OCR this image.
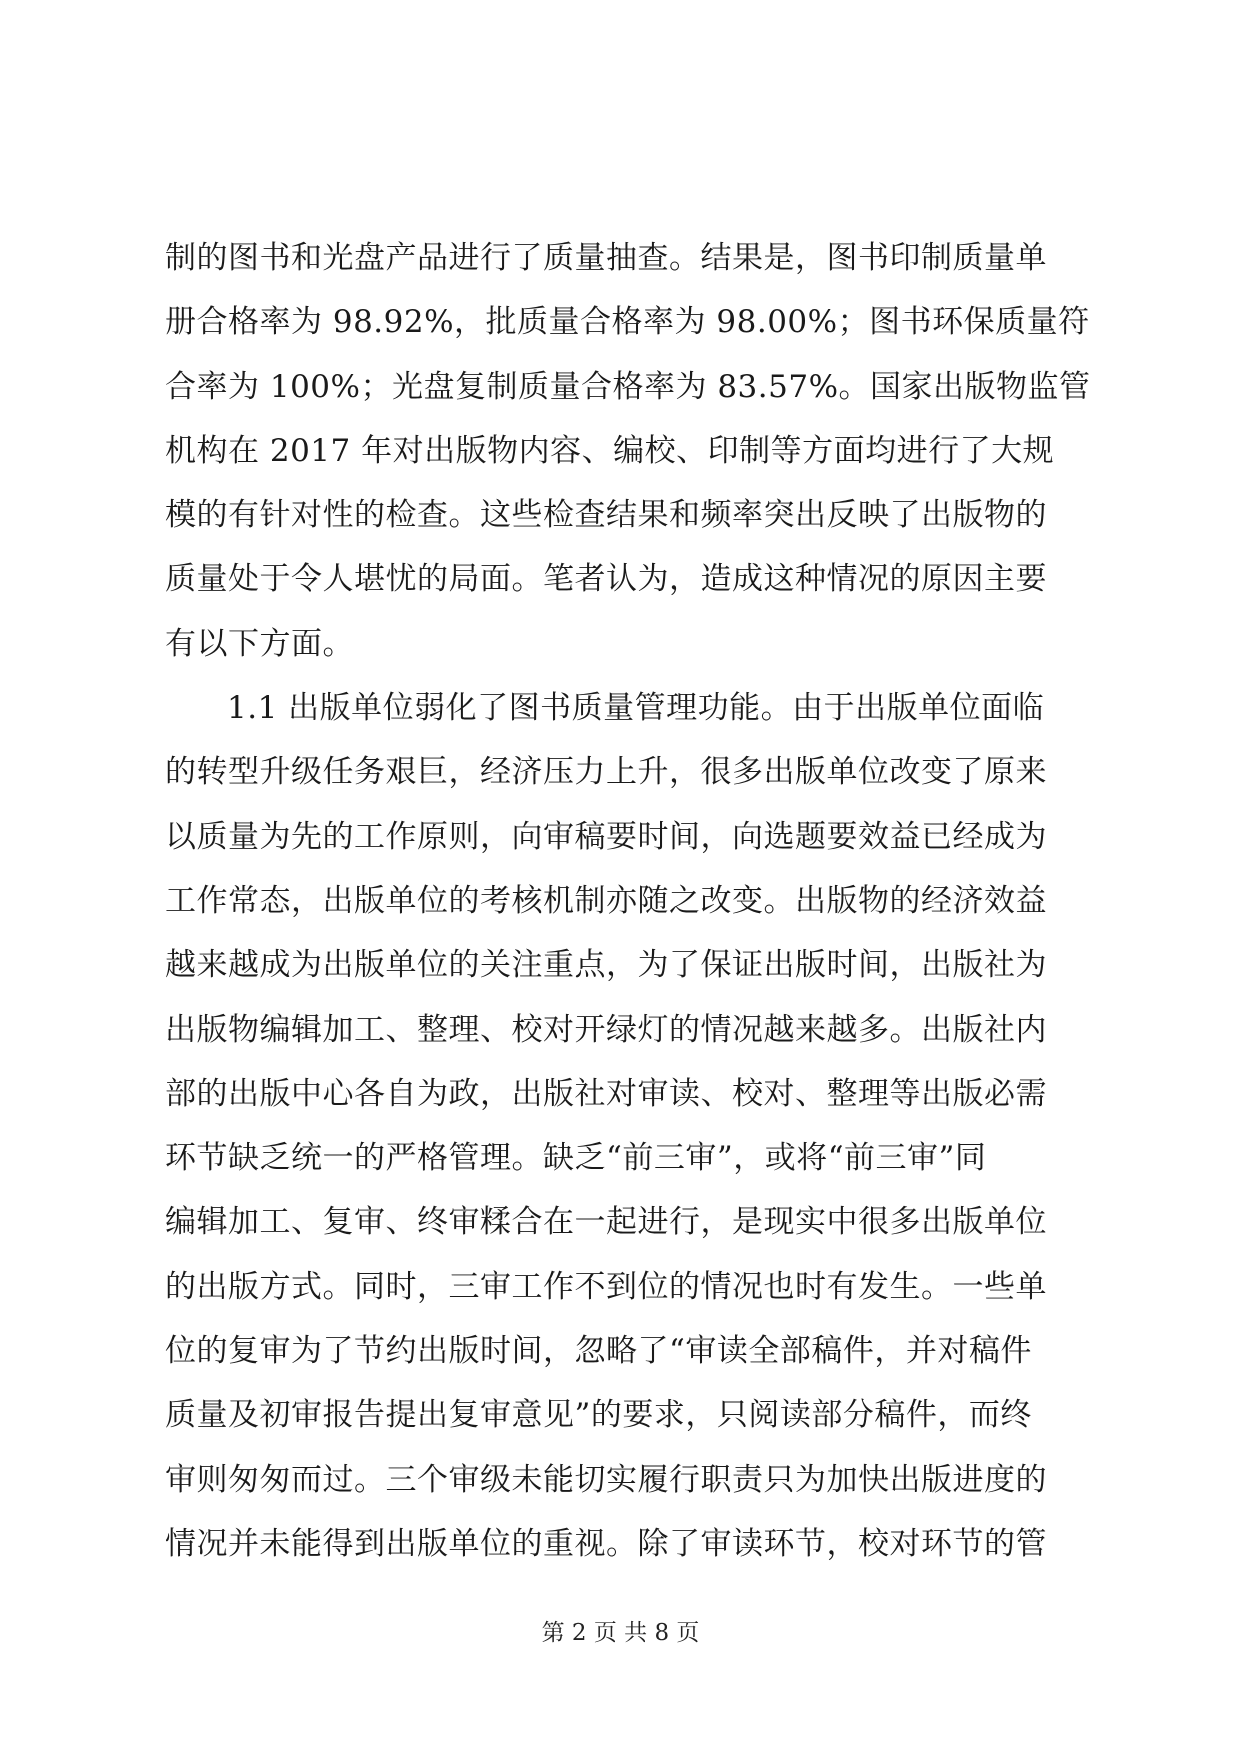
制的图书和光盘产品进行了质量抽查。结果是，图书印制质量单
册合格率为 98.92%，批质量合格率为 98.00%；图书环保质量符
合率为 100%；光盘复制质量合格率为 83.57%。国家出版物监管
机构在 2017 年对出版物内容、编校、印制等方面均进行了大规
模的有针对性的检查。这些检查结果和频率突出反映了出版物的
质量处于令人堪忧的局面。笔者认为，造成这种情况的原因主要
有以下方面。
1.1 出版单位弱化了图书质量管理功能。由于出版单位面临
的转型升级任务艰巨，经济压力上升，很多出版单位改变了原来
以质量为先的工作原则，向审稿要时间，向选题要效益已经成为
工作常态，出版单位的考核机制亦随之改变。出版物的经济效益
越来越成为出版单位的关注重点，为了保证出版时间，出版社为
出版物编辑加工、整理、校对开绿灯的情况越来越多。出版社内
部的出版中心各自为政，出版社对审读、校对、整理等出版必需
环节缺乏统一的严格管理。缺乏“前三审”，或将“前三审”同
编辑加工、复审、终审糅合在一起进行，是现实中很多出版单位
的出版方式。同时，三审工作不到位的情况也时有发生。一些单
位的复审为了节约出版时间，忽略了“审读全部稿件，并对稿件
质量及初审报告提出复审意见”的要求，只阅读部分稿件，而终
审则匆匆而过。三个审级未能切实履行职责只为加快出版进度的
情况并未能得到出版单位的重视。除了审读环节，校对环节的管
第 2 页 共 8 页
